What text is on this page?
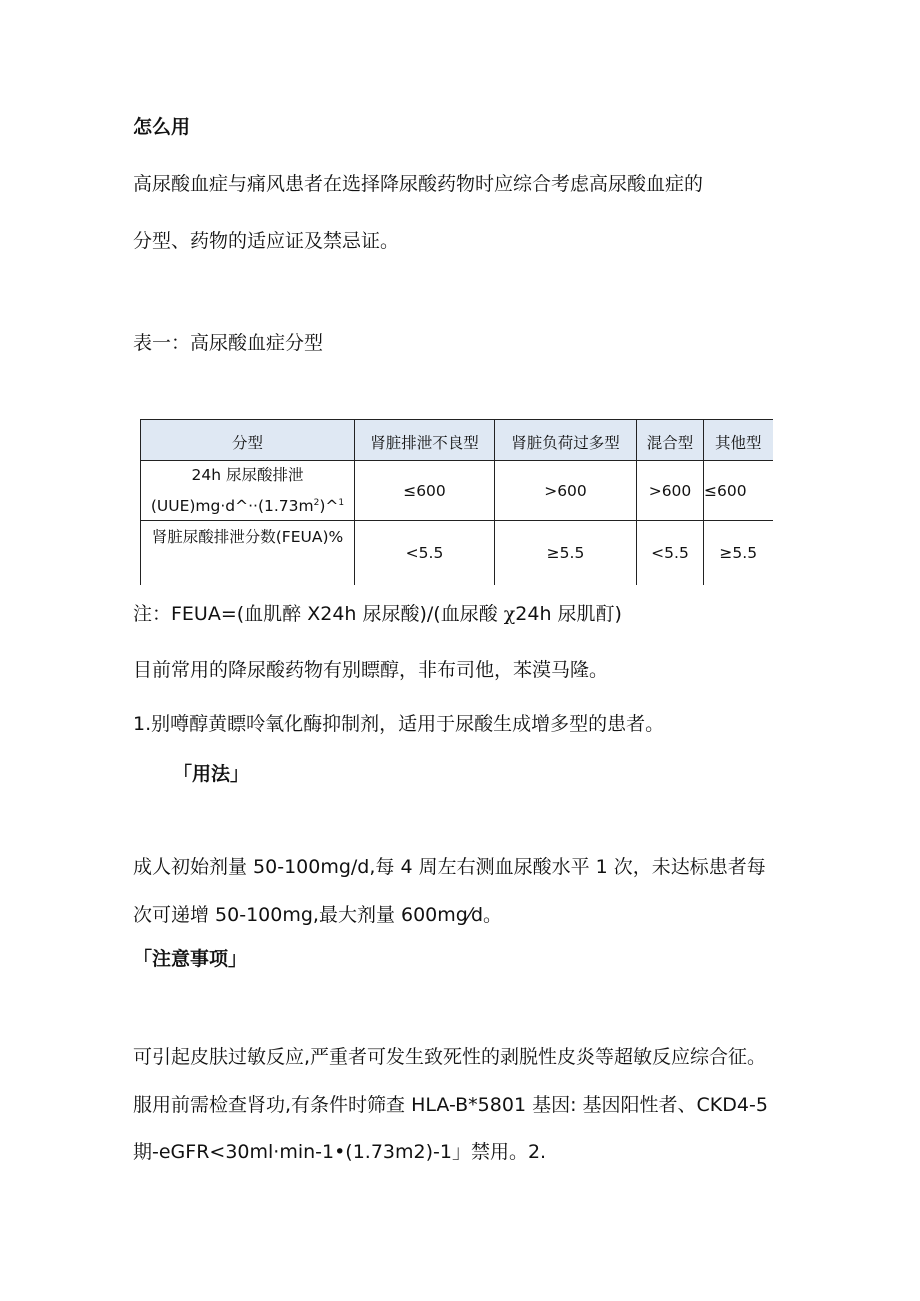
怎么用
高尿酸血症与痛风患者在选择降尿酸药物时应综合考虑高尿酸血症的
分型、药物的适应证及禁忌证。
表一：高尿酸血症分型
分型	肾脏排泄不良型	肾脏负荷过多型	混合型	其他型

24h 尿尿酸排泄
$(UUE)mg\cdot d\^{}\cdot\cdot(1.73m^2)\^{}^1$	≤600	>600	>600	≤600
肾脏尿酸排泄分数(FEUA)%	<5.5	≥5.5	<5.5	≥5.5
注：FEUA=(血肌醉 X24h 尿尿酸)/(血尿酸 χ24h 尿肌酊)
目前常用的降尿酸药物有别瞟醇，非布司他，苯漠马隆。
1.别噂醇黄瞟呤氧化酶抑制剂，适用于尿酸生成增多型的患者。
「用法」
成人初始剂量 50-100mg/d,每 4 周左右测血尿酸水平 1 次，未达标患者每
次可递增 50-100mg,最大剂量 600mg⁄d。
「注意事项」
可引起皮肤过敏反应,严重者可发生致死性的剥脱性皮炎等超敏反应综合征。
服用前需检查肾功,有条件时筛查 HLA-B*5801 基因: 基因阳性者、CKD4-5
期-eGFR<30ml·min-1•(1.73m2)-1」禁用。2.
